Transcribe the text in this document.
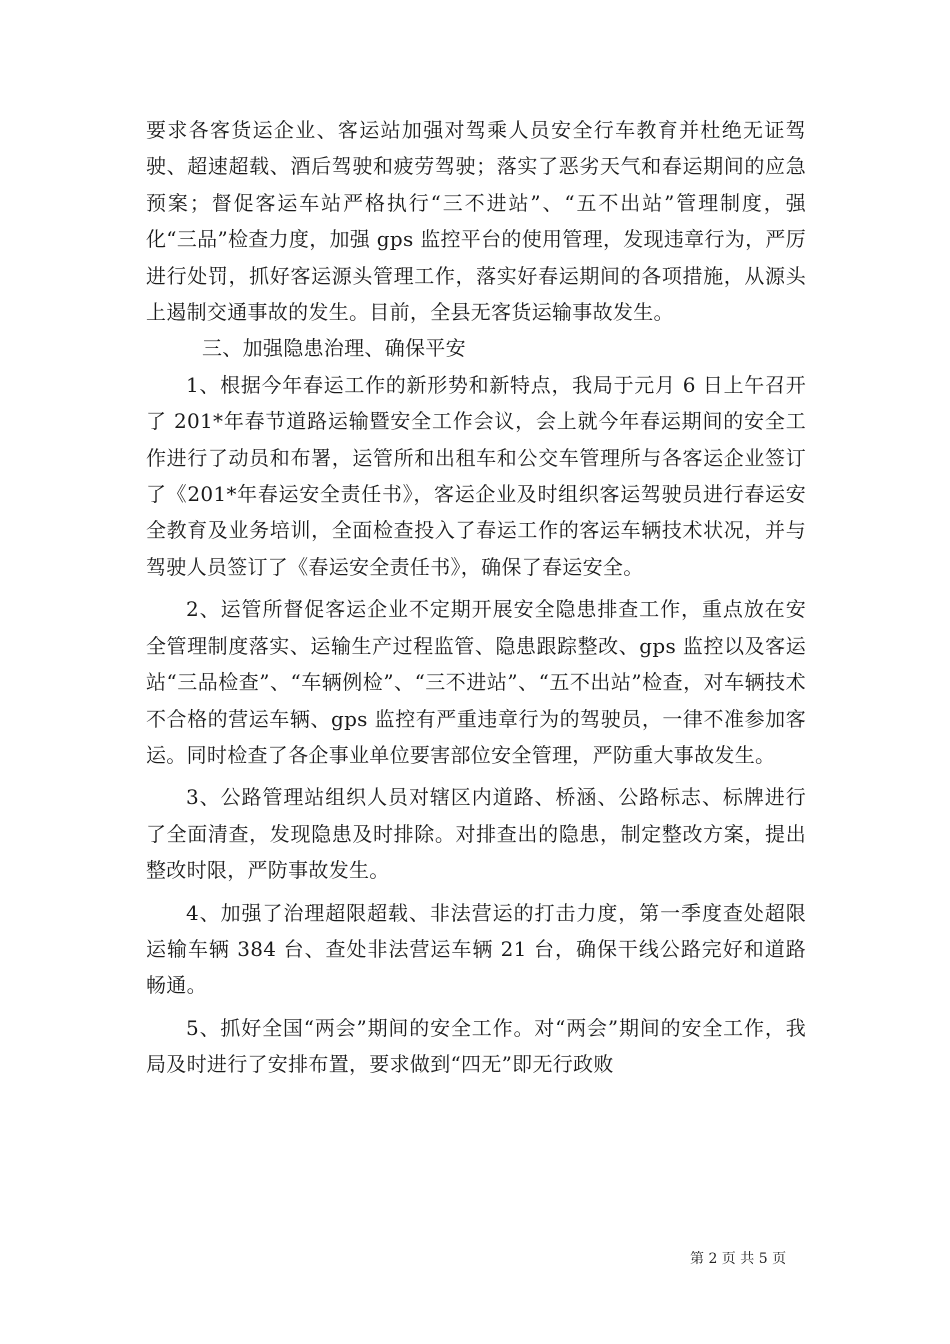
要求各客货运企业、客运站加强对驾乘人员安全行车教育并杜绝无证驾驶、超速超载、酒后驾驶和疲劳驾驶；落实了恶劣天气和春运期间的应急预案；督促客运车站严格执行“三不进站”、“五不出站”管理制度，强化“三品”检查力度，加强 gps 监控平台的使用管理，发现违章行为，严厉进行处罚，抓好客运源头管理工作，落实好春运期间的各项措施，从源头上遏制交通事故的发生。目前，全县无客货运输事故发生。

三、加强隐患治理、确保平安

1、根据今年春运工作的新形势和新特点，我局于元月 6 日上午召开了 201*年春节道路运输暨安全工作会议，会上就今年春运期间的安全工作进行了动员和布署，运管所和出租车和公交车管理所与各客运企业签订了《201*年春运安全责任书》，客运企业及时组织客运驾驶员进行春运安全教育及业务培训，全面检查投入了春运工作的客运车辆技术状况，并与驾驶人员签订了《春运安全责任书》，确保了春运安全。

2、运管所督促客运企业不定期开展安全隐患排查工作，重点放在安全管理制度落实、运输生产过程监管、隐患跟踪整改、gps 监控以及客运站“三品检查”、“车辆例检”、“三不进站”、“五不出站”检查，对车辆技术不合格的营运车辆、gps 监控有严重违章行为的驾驶员，一律不准参加客运。同时检查了各企事业单位要害部位安全管理，严防重大事故发生。

3、公路管理站组织人员对辖区内道路、桥涵、公路标志、标牌进行了全面清查，发现隐患及时排除。对排查出的隐患，制定整改方案，提出整改时限，严防事故发生。

4、加强了治理超限超载、非法营运的打击力度，第一季度查处超限运输车辆 384 台、查处非法营运车辆 21 台，确保干线公路完好和道路畅通。

5、抓好全国“两会”期间的安全工作。对“两会”期间的安全工作，我局及时进行了安排布置，要求做到“四无”即无行政败

第 2 页 共 5 页
